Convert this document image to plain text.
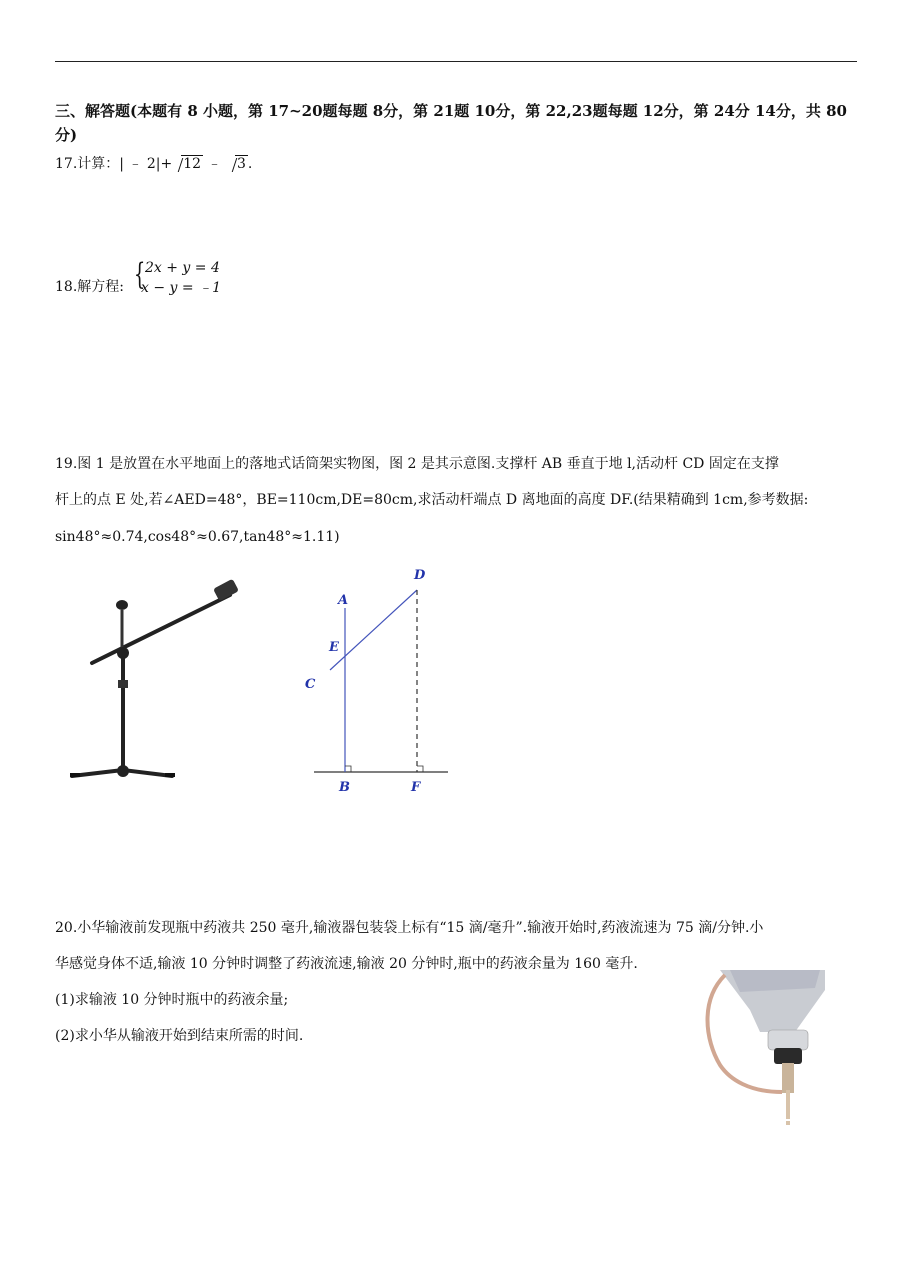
三、解答题(本题有 8 小题，第 17~20题每题 8分，第 21题 10分，第 22,23题每题 12分，第 24分 14分，共 80
分)
17.计算：| ﹣ 2|+ 12 ﹣ 3 .
18.解方程: { 2x + y = 4
x − y = ﹣1
19.图 1 是放置在水平地面上的落地式话筒架实物图，图 2 是其示意图.支撑杆 AB 垂直于地 l,活动杆 CD 固定在支撑
杆上的点 E 处,若∠AED=48°，BE=110cm,DE=80cm,求活动杆端点 D 离地面的高度 DF.(结果精确到 1cm,参考数据:
sin48°≈0.74,cos48°≈0.67,tan48°≈1.11)
A
D
E
C
B	F
20.小华输液前发现瓶中药液共 250 毫升,输液器包装袋上标有“15 滴/毫升”.输液开始时,药液流速为 75 滴/分钟.小
华感觉身体不适,输液 10 分钟时调整了药液流速,输液 20 分钟时,瓶中的药液余量为 160 毫升.
(1)求输液 10 分钟时瓶中的药液余量;
(2)求小华从输液开始到结束所需的时间.
